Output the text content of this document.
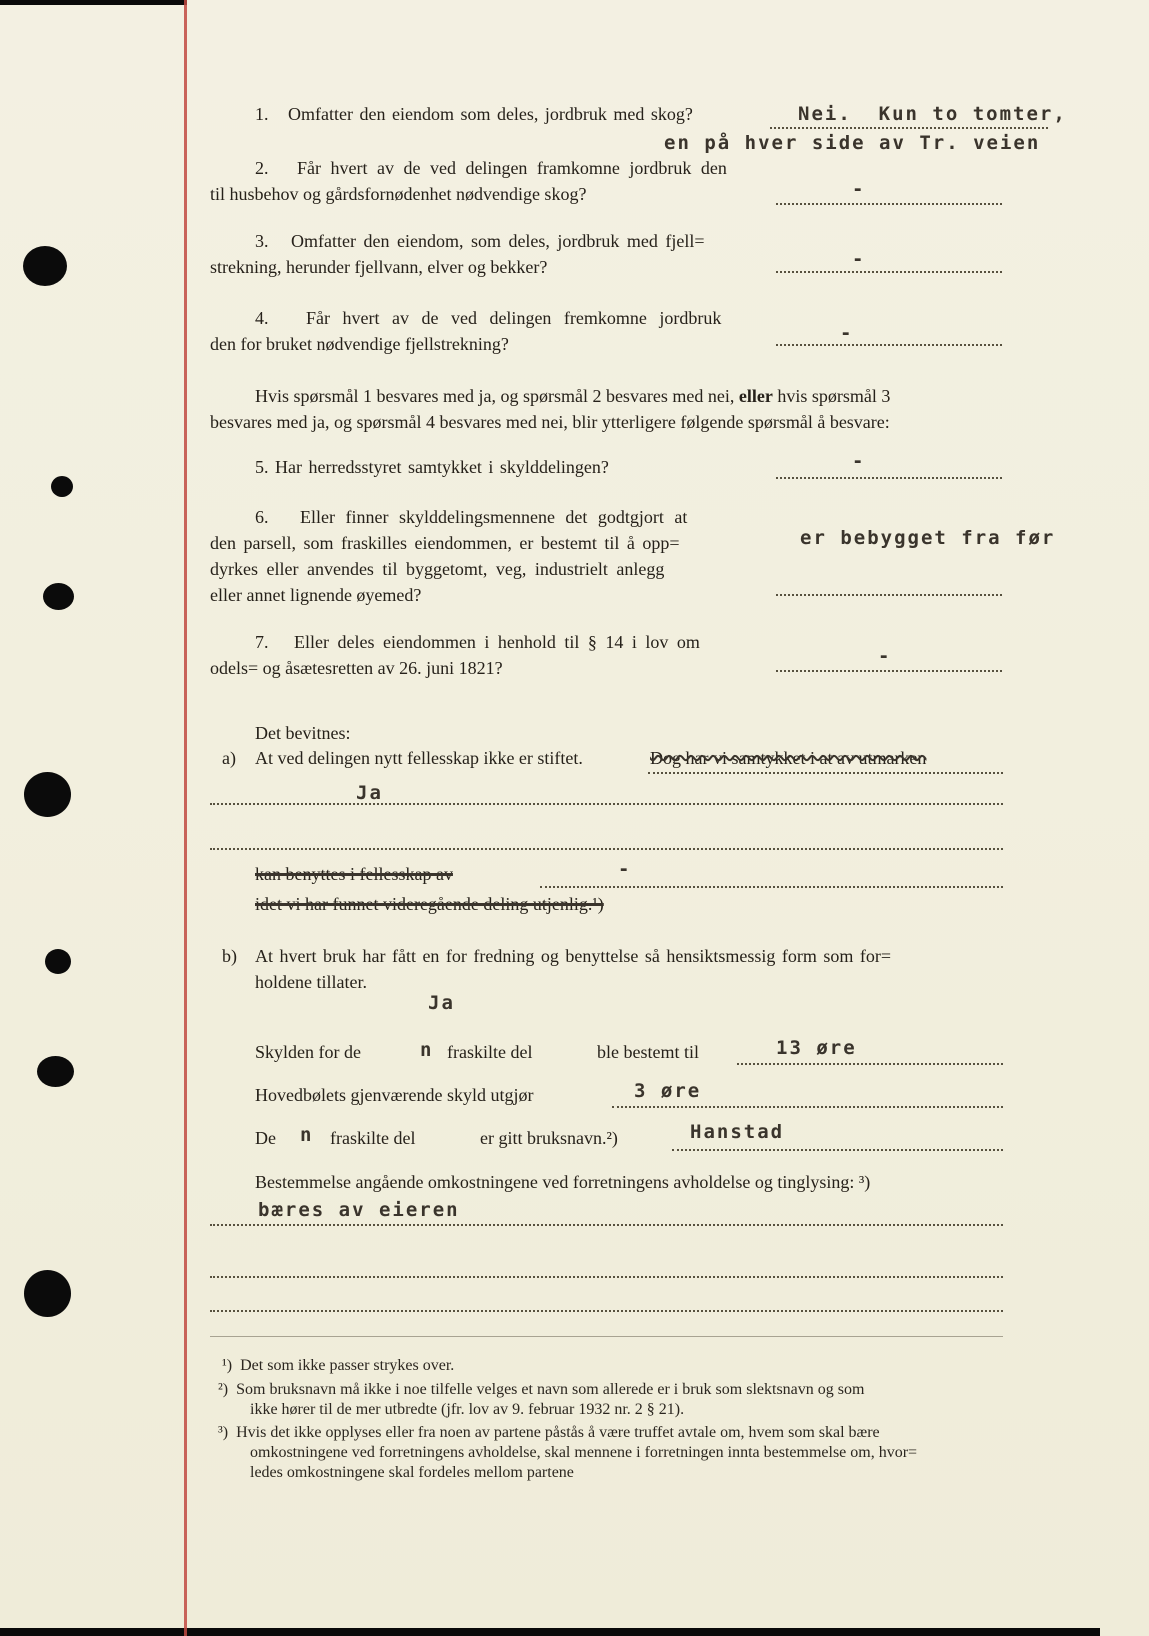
1.   Omfatter den eiendom som deles, jordbruk med skog?	Nei.  Kun to tomter,
en på hver side av Tr. veien
2.   Får hvert av de ved delingen framkomne jordbruk den
til husbehov og gårdsfornødenhet nødvendige skog?	-
3.   Omfatter den eiendom, som deles, jordbruk med fjell=
strekning, herunder fjellvann, elver og bekker?	-
4.   Får hvert av de ved delingen fremkomne jordbruk
den for bruket nødvendige fjellstrekning?	-
Hvis spørsmål 1 besvares med ja, og spørsmål 2 besvares med nei, eller hvis spørsmål 3
besvares med ja, og spørsmål 4 besvares med nei, blir ytterligere følgende spørsmål å besvare:
5. Har herredsstyret samtykket i skylddelingen?	-
6.   Eller finner skylddelingsmennene det godtgjort at
den parsell, som fraskilles eiendommen, er bestemt til å opp=
dyrkes eller anvendes til byggetomt, veg, industrielt anlegg
eller annet lignende øyemed?
er bebygget fra før
7.   Eller deles eiendommen i henhold til § 14 i lov om
odels= og åsætesretten av 26. juni 1821?
-
Det bevitnes:
a) At ved delingen nytt fellesskap ikke er stiftet.	Dog har vi samtykket i at av utmarken
Ja
kan benyttes i fellesskap av	-
idet vi har funnet videregående deling utjenlig.¹)
b) At hvert bruk har fått en for fredning og benyttelse så hensiktsmessig form som for=
holdene tillater.
Ja
Skylden for de	n fraskilte del	ble bestemt til	13 øre
Hovedbølets gjenværende skyld utgjør	3 øre
De n fraskilte del	er gitt bruksnavn.²)	Hanstad
Bestemmelse angående omkostningene ved forretningens avholdelse og tinglysing: ³)
bæres av eieren
¹)  Det som ikke passer strykes over.
²)  Som bruksnavn må ikke i noe tilfelle velges et navn som allerede er i bruk som slektsnavn og som
ikke hører til de mer utbredte (jfr. lov av 9. februar 1932 nr. 2 § 21).
³)  Hvis det ikke opplyses eller fra noen av partene påstås å være truffet avtale om, hvem som skal bære
omkostningene ved forretningens avholdelse, skal mennene i forretningen innta bestemmelse om, hvor=
ledes omkostningene skal fordeles mellom partene
